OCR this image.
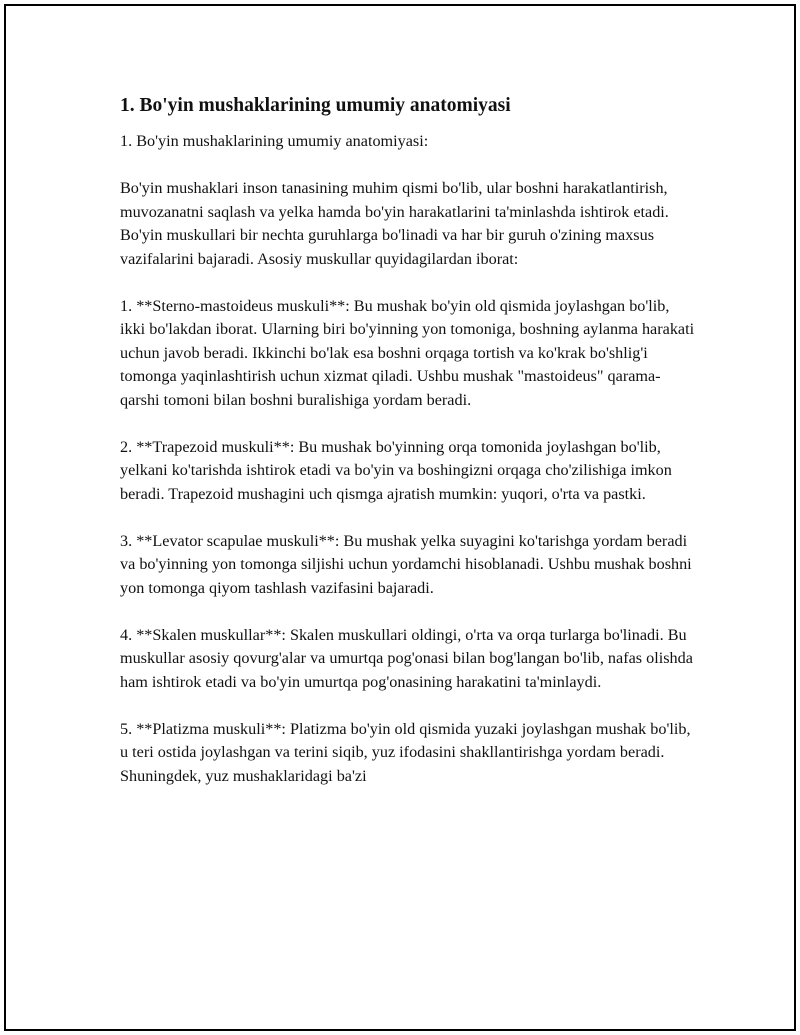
1. Bo'yin mushaklarining umumiy anatomiyasi

1. Bo'yin mushaklarining umumiy anatomiyasi:

Bo'yin mushaklari inson tanasining muhim qismi bo'lib, ular boshni harakatlantirish, muvozanatni saqlash va yelka hamda bo'yin harakatlarini ta'minlashda ishtirok etadi. Bo'yin muskullari bir nechta guruhlarga bo'linadi va har bir guruh o'zining maxsus vazifalarini bajaradi. Asosiy muskullar quyidagilardan iborat:

1. **Sterno-mastoideus muskuli**: Bu mushak bo'yin old qismida joylashgan bo'lib, ikki bo'lakdan iborat. Ularning biri bo'yinning yon tomoniga, boshning aylanma harakati uchun javob beradi. Ikkinchi bo'lak esa boshni orqaga tortish va ko'krak bo'shlig'i tomonga yaqinlashtirish uchun xizmat qiladi. Ushbu mushak "mastoideus" qarama-qarshi tomoni bilan boshni buralishiga yordam beradi.

2. **Trapezoid muskuli**: Bu mushak bo'yinning orqa tomonida joylashgan bo'lib, yelkani ko'tarishda ishtirok etadi va bo'yin va boshingizni orqaga cho'zilishiga imkon beradi. Trapezoid mushagini uch qismga ajratish mumkin: yuqori, o'rta va pastki.

3. **Levator scapulae muskuli**: Bu mushak yelka suyagini ko'tarishga yordam beradi va bo'yinning yon tomonga siljishi uchun yordamchi hisoblanadi. Ushbu mushak boshni yon tomonga qiyom tashlash vazifasini bajaradi.

4. **Skalen muskullar**: Skalen muskullari oldingi, o'rta va orqa turlarga bo'linadi. Bu muskullar asosiy qovurg'alar va umurtqa pog'onasi bilan bog'langan bo'lib, nafas olishda ham ishtirok etadi va bo'yin umurtqa pog'onasining harakatini ta'minlaydi.

5. **Platizma muskuli**: Platizma bo'yin old qismida yuzaki joylashgan mushak bo'lib, u teri ostida joylashgan va terini siqib, yuz ifodasini shakllantirishga yordam beradi. Shuningdek, yuz mushaklaridagi ba'zi
